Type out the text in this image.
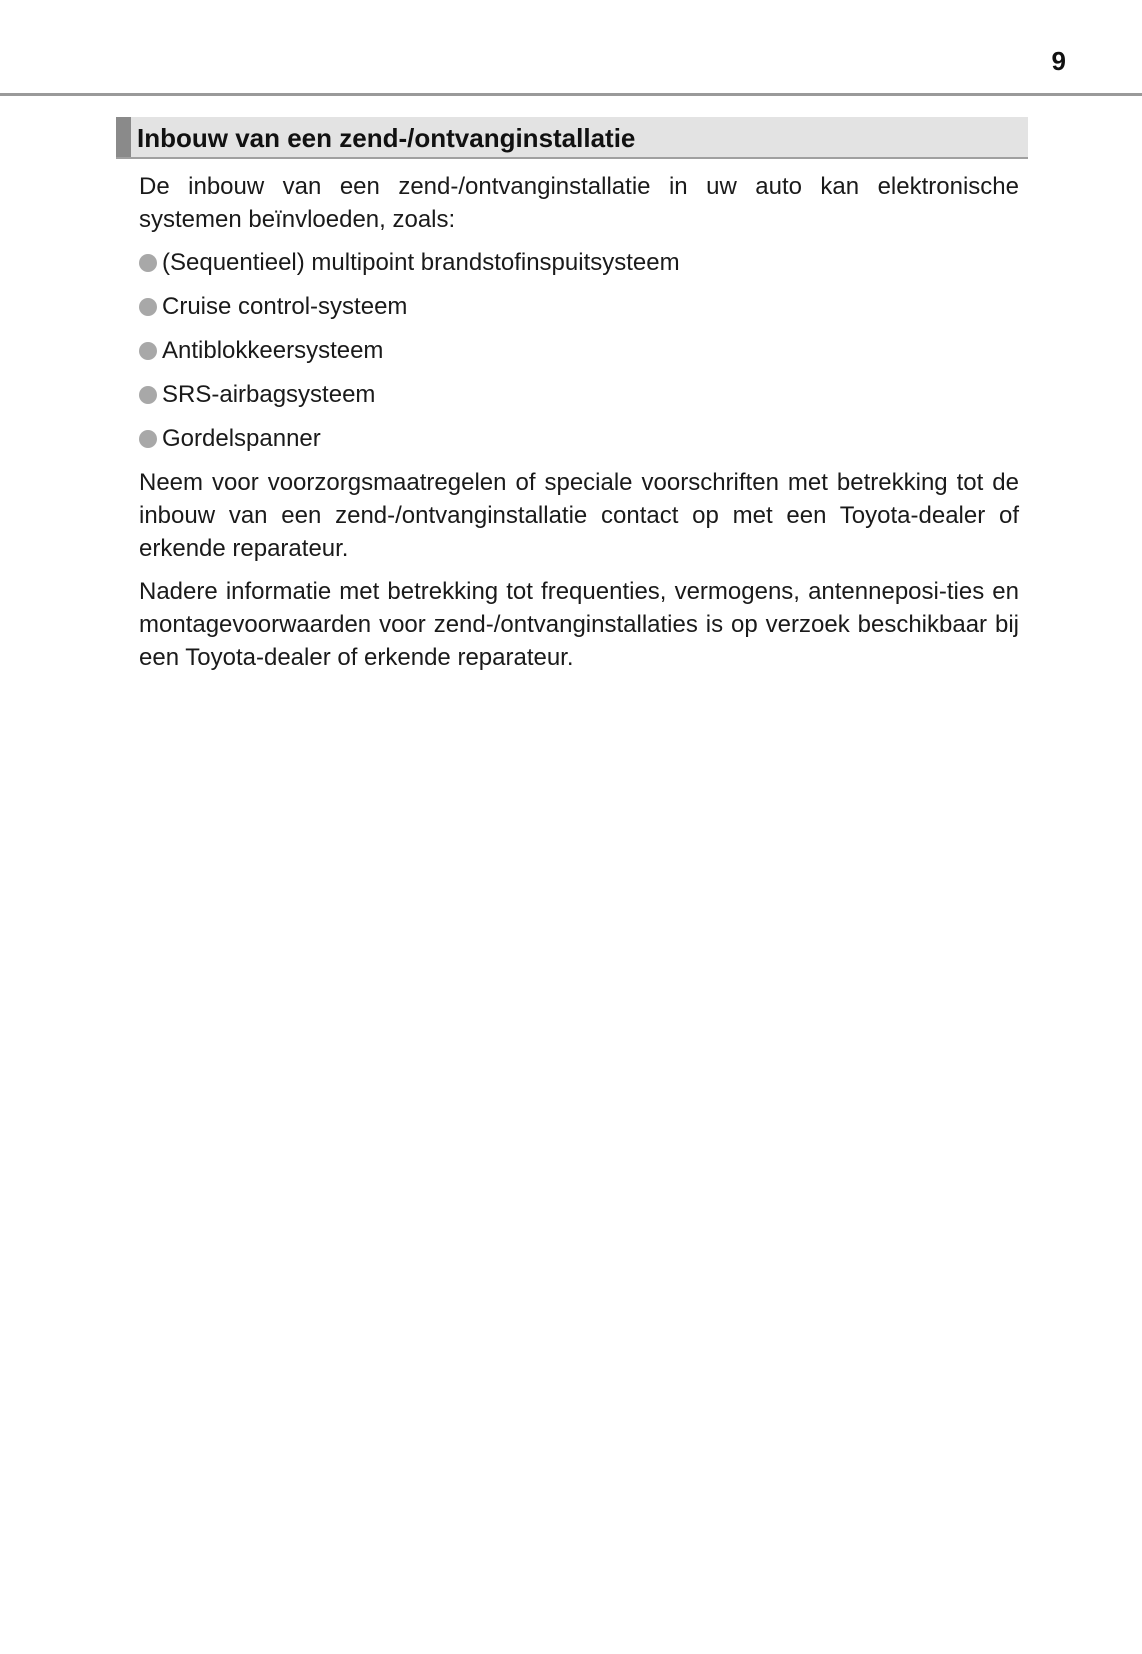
9
Inbouw van een zend-/ontvanginstallatie

De inbouw van een zend-/ontvanginstallatie in uw auto kan elektronische systemen beïnvloeden, zoals:

(Sequentieel) multipoint brandstofinspuitsysteem
Cruise control-systeem
Antiblokkeersysteem
SRS-airbagsysteem
Gordelspanner

Neem voor voorzorgsmaatregelen of speciale voorschriften met betrekking tot de inbouw van een zend-/ontvanginstallatie contact op met een Toyota-dealer of erkende reparateur.

Nadere informatie met betrekking tot frequenties, vermogens, antenneposi-ties en montagevoorwaarden voor zend-/ontvanginstallaties is op verzoek beschikbaar bij een Toyota-dealer of erkende reparateur.
